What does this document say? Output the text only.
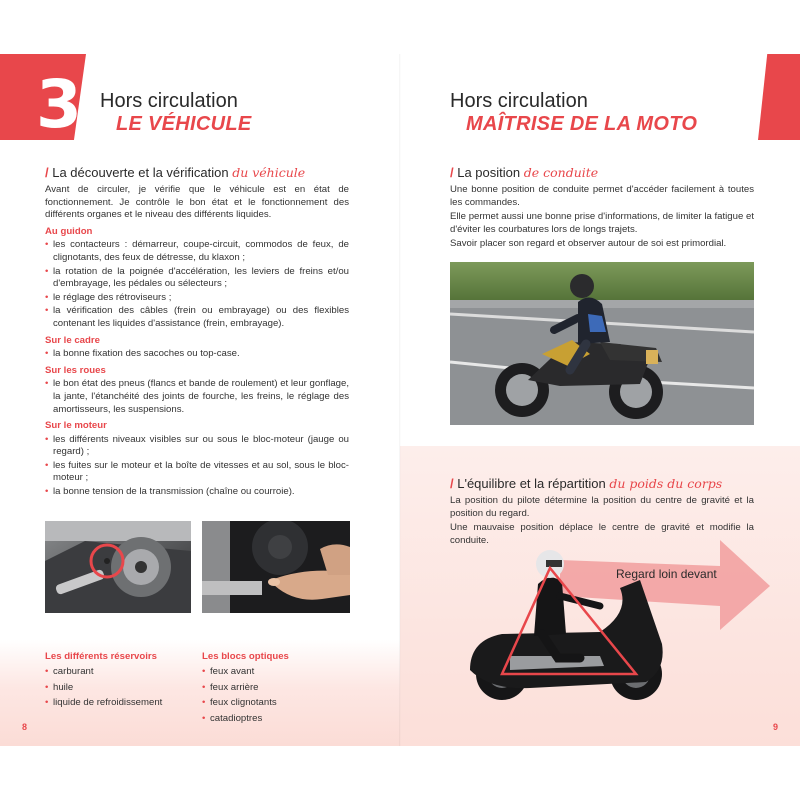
3 Hors circulation
LE VÉHICULE
/ La découverte et la vérification du véhicule

Avant de circuler, je vérifie que le véhicule est en état de fonctionnement. Je contrôle le bon état et le fonctionnement des différents organes et le niveau des différents liquides.

Au guidon
• les contacteurs : démarreur, coupe-circuit, commodos de feux, de clignotants, des feux de détresse, du klaxon ;
• la rotation de la poignée d'accélération, les leviers de freins et/ou d'embrayage, les pédales ou sélecteurs ;
• le réglage des rétroviseurs ;
• la vérification des câbles (frein ou embrayage) ou des flexibles contenant les liquides d'assistance (frein, embrayage).
Sur le cadre
• la bonne fixation des sacoches ou top-case.
Sur les roues
• le bon état des pneus (flancs et bande de roulement) et leur gonflage, la jante, l'étanchéité des joints de fourche, les freins, le réglage des amortisseurs, les suspensions.
Sur le moteur
• les différents niveaux visibles sur ou sous le bloc-moteur (jauge ou regard) ;
• les fuites sur le moteur et la boîte de vitesses et au sol, sous le bloc-moteur ;
• la bonne tension de la transmission (chaîne ou courroie).
Les différents réservoirs
• carburant
• huile
• liquide de refroidissement
Les blocs optiques
• feux avant
• feux arrière
• feux clignotants
• catadioptres
8
Hors circulation
MAÎTRISE DE LA MOTO
/ La position de conduite

Une bonne position de conduite permet d'accéder facilement à toutes les commandes.

Elle permet aussi une bonne prise d'informations, de limiter la fatigue et d'éviter les courbatures lors de longs trajets.

Savoir placer son regard et observer autour de soi est primordial.

/ L'équilibre et la répartition du poids du corps

La position du pilote détermine la position du centre de gravité et la position du regard.

Une mauvaise position déplace le centre de gravité et modifie la conduite.

Regard loin devant
9
